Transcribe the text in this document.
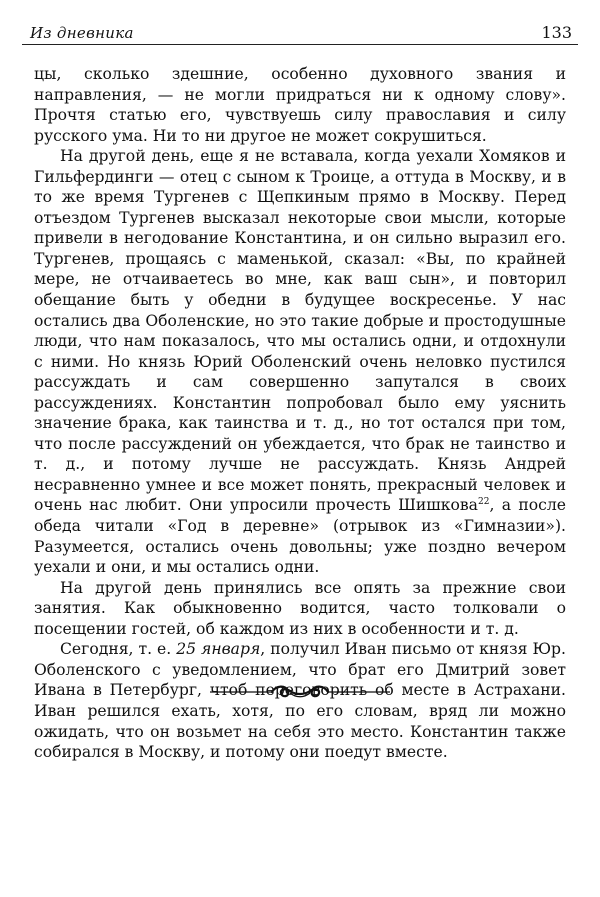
Из дневника	133

цы, сколько здешние, особенно духовного звания и направления, — не могли придраться ни к одному слову». Прочтя статью его, чувствуешь силу православия и силу русского ума. Ни то ни другое не может сокрушиться.

На другой день, еще я не вставала, когда уехали Хомяков и Гильфердинги — отец с сыном к Троице, а оттуда в Москву, и в то же время Тургенев с Щепкиным прямо в Москву. Перед отъездом Тургенев высказал некоторые свои мысли, которые привели в негодование Константина, и он сильно выразил его. Тургенев, прощаясь с маменькой, сказал: «Вы, по крайней мере, не отчаиваетесь во мне, как ваш сын», и повторил обещание быть у обедни в будущее воскресенье. У нас остались два Оболенские, но это такие добрые и простодушные люди, что нам показалось, что мы остались одни, и отдохнули с ними. Но князь Юрий Оболенский очень неловко пустился рассуждать и сам совершенно запутался в своих рассуждениях. Константин попробовал было ему уяснить значение брака, как таинства и т. д., но тот остался при том, что после рассуждений он убеждается, что брак не таинство и т. д., и потому лучше не рассуждать. Князь Андрей несравненно умнее и все может понять, прекрасный человек и очень нас любит. Они упросили прочесть Шишкова$^{22}$, а после обеда читали «Год в деревне» (отрывок из «Гимназии»). Разумеется, остались очень довольны; уже поздно вечером уехали и они, и мы остались одни.

На другой день принялись все опять за прежние свои занятия. Как обыкновенно водится, часто толковали о посещении гостей, об каждом из них в особенности и т. д.

Сегодня, т. е. 25 января, получил Иван письмо от князя Юр. Оболенского с уведомлением, что брат его Дмитрий зовет Ивана в Петербург, чтоб переговорить об месте в Астрахани. Иван решился ехать, хотя, по его словам, вряд ли можно ожидать, что он возьмет на себя это место. Константин также собирался в Москву, и потому они поедут вместе.
